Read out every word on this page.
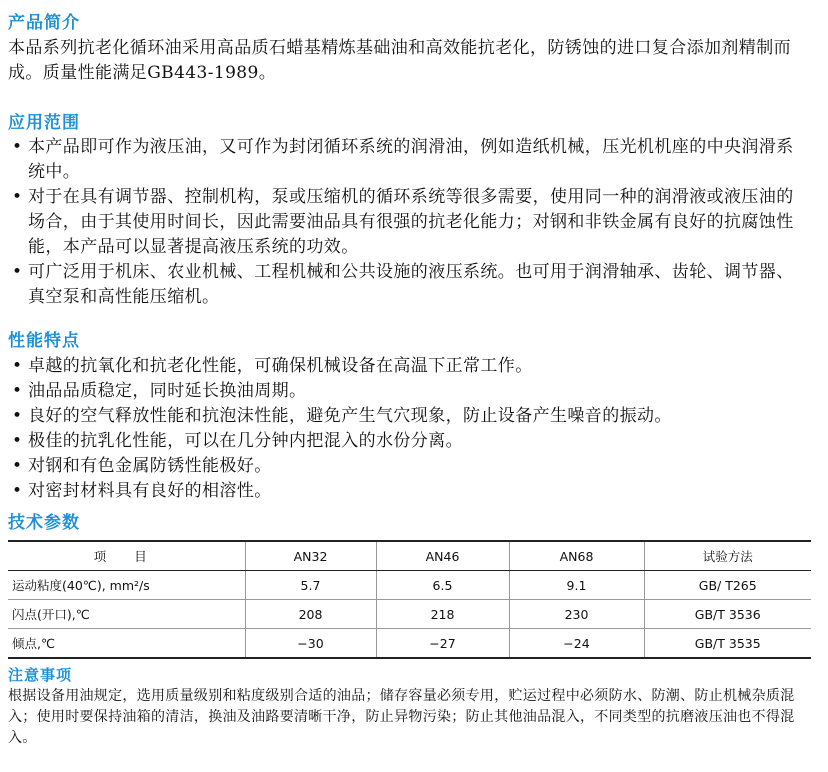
产品简介
本品系列抗老化循环油采用高品质石蜡基精炼基础油和高效能抗老化，防锈蚀的进口复合添加剂精制而成。质量性能满足GB443-1989。
应用范围
• 本产品即可作为液压油，又可作为封闭循环系统的润滑油，例如造纸机械，压光机机座的中央润滑系统中。
• 对于在具有调节器、控制机构，泵或压缩机的循环系统等很多需要，使用同一种的润滑液或液压油的场合，由于其使用时间长，因此需要油品具有很强的抗老化能力；对钢和非铁金属有良好的抗腐蚀性能，本产品可以显著提高液压系统的功效。
• 可广泛用于机床、农业机械、工程机械和公共设施的液压系统。也可用于润滑轴承、齿轮、调节器、真空泵和高性能压缩机。
性能特点
• 卓越的抗氧化和抗老化性能，可确保机械设备在高温下正常工作。
• 油品品质稳定，同时延长换油周期。
• 良好的空气释放性能和抗泡沫性能，避免产生气穴现象，防止设备产生噪音的振动。
• 极佳的抗乳化性能，可以在几分钟内把混入的水份分离。
• 对钢和有色金属防锈性能极好。
• 对密封材料具有良好的相溶性。
技术参数
项 目	AN32	AN46	AN68	试验方法
运动粘度(40℃), mm²/s	5.7	6.5	9.1	GB/ T265
闪点(开口),℃	208	218	230	GB/T 3536
倾点,℃	−30	−27	−24	GB/T 3535
注意事项
根据设备用油规定，选用质量级别和粘度级别合适的油品；储存容量必须专用，贮运过程中必须防水、防潮、防止机械杂质混入；使用时要保持油箱的清洁，换油及油路要清晰干净，防止异物污染；防止其他油品混入，不同类型的抗磨液压油也不得混入。
